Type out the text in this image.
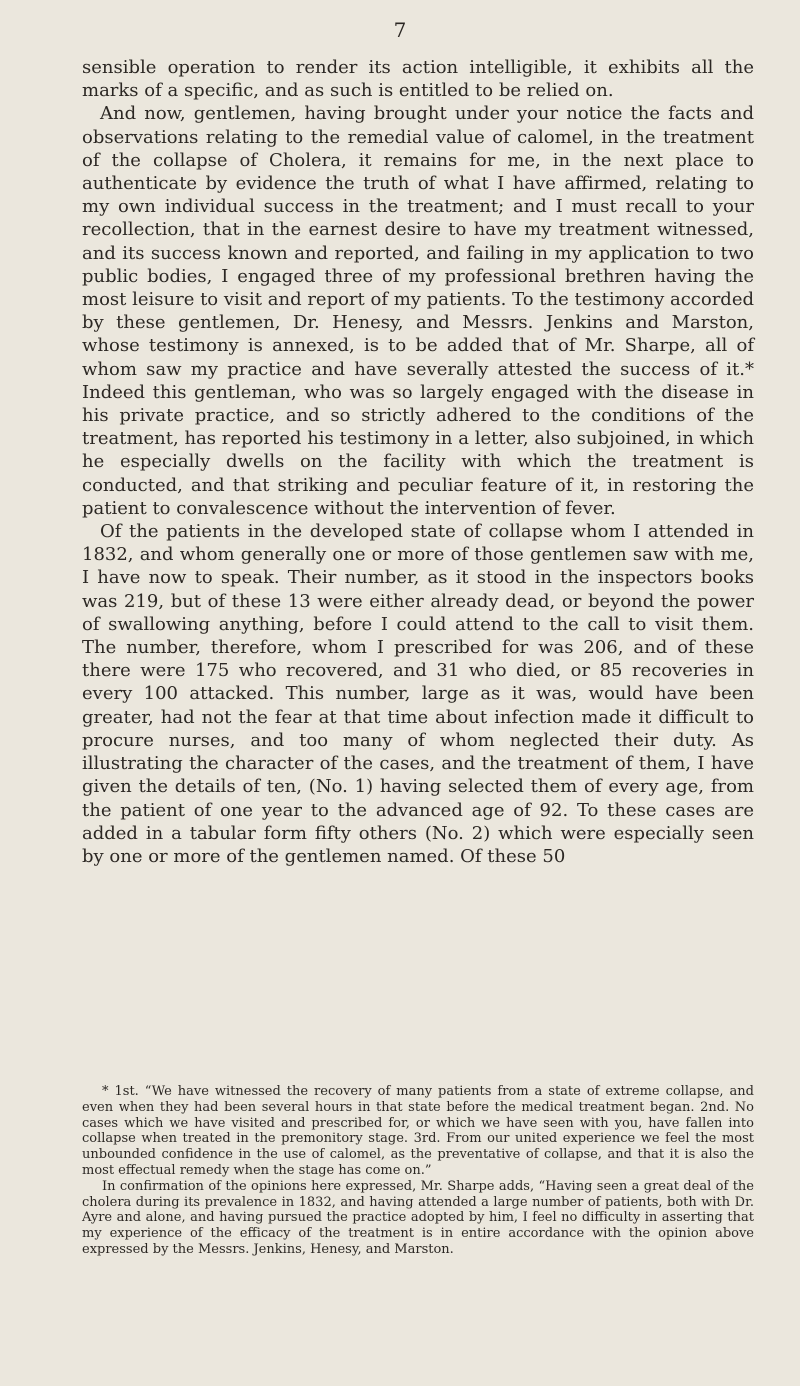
7

sensible operation to render its action intelligible, it exhibits all the marks of a specific, and as such is entitled to be relied on.

And now, gentlemen, having brought under your notice the facts and observations relating to the remedial value of calomel, in the treatment of the collapse of Cholera, it remains for me, in the next place to authenticate by evidence the truth of what I have affirmed, relating to my own individual success in the treatment; and I must recall to your recollection, that in the earnest desire to have my treatment witnessed, and its success known and reported, and failing in my application to two public bodies, I engaged three of my professional brethren having the most leisure to visit and report of my patients. To the testimony accorded by these gentlemen, Dr. Henesy, and Messrs. Jenkins and Marston, whose testimony is annexed, is to be added that of Mr. Sharpe, all of whom saw my practice and have severally attested the success of it.* Indeed this gentleman, who was so largely engaged with the disease in his private practice, and so strictly adhered to the conditions of the treatment, has reported his testimony in a letter, also subjoined, in which he especially dwells on the facility with which the treatment is conducted, and that striking and peculiar feature of it, in restoring the patient to convalescence without the intervention of fever.

Of the patients in the developed state of collapse whom I attended in 1832, and whom generally one or more of those gentlemen saw with me, I have now to speak. Their number, as it stood in the inspectors books was 219, but of these 13 were either already dead, or beyond the power of swallowing anything, before I could attend to the call to visit them. The number, therefore, whom I prescribed for was 206, and of these there were 175 who recovered, and 31 who died, or 85 recoveries in every 100 attacked. This number, large as it was, would have been greater, had not the fear at that time about infection made it difficult to procure nurses, and too many of whom neglected their duty. As illustrating the character of the cases, and the treatment of them, I have given the details of ten, (No. 1) having selected them of every age, from the patient of one year to the advanced age of 92. To these cases are added in a tabular form fifty others (No. 2) which were especially seen by one or more of the gentlemen named. Of these 50

* 1st. “We have witnessed the recovery of many patients from a state of extreme collapse, and even when they had been several hours in that state before the medical treatment began. 2nd. No cases which we have visited and prescribed for, or which we have seen with you, have fallen into collapse when treated in the premonitory stage. 3rd. From our united experience we feel the most unbounded confidence in the use of calomel, as the preventative of collapse, and that it is also the most effectual remedy when the stage has come on.”

In confirmation of the opinions here expressed, Mr. Sharpe adds, “Having seen a great deal of the cholera during its prevalence in 1832, and having attended a large number of patients, both with Dr. Ayre and alone, and having pursued the practice adopted by him, I feel no difficulty in asserting that my experience of the efficacy of the treatment is in entire accordance with the opinion above expressed by the Messrs. Jenkins, Henesy, and Marston.
